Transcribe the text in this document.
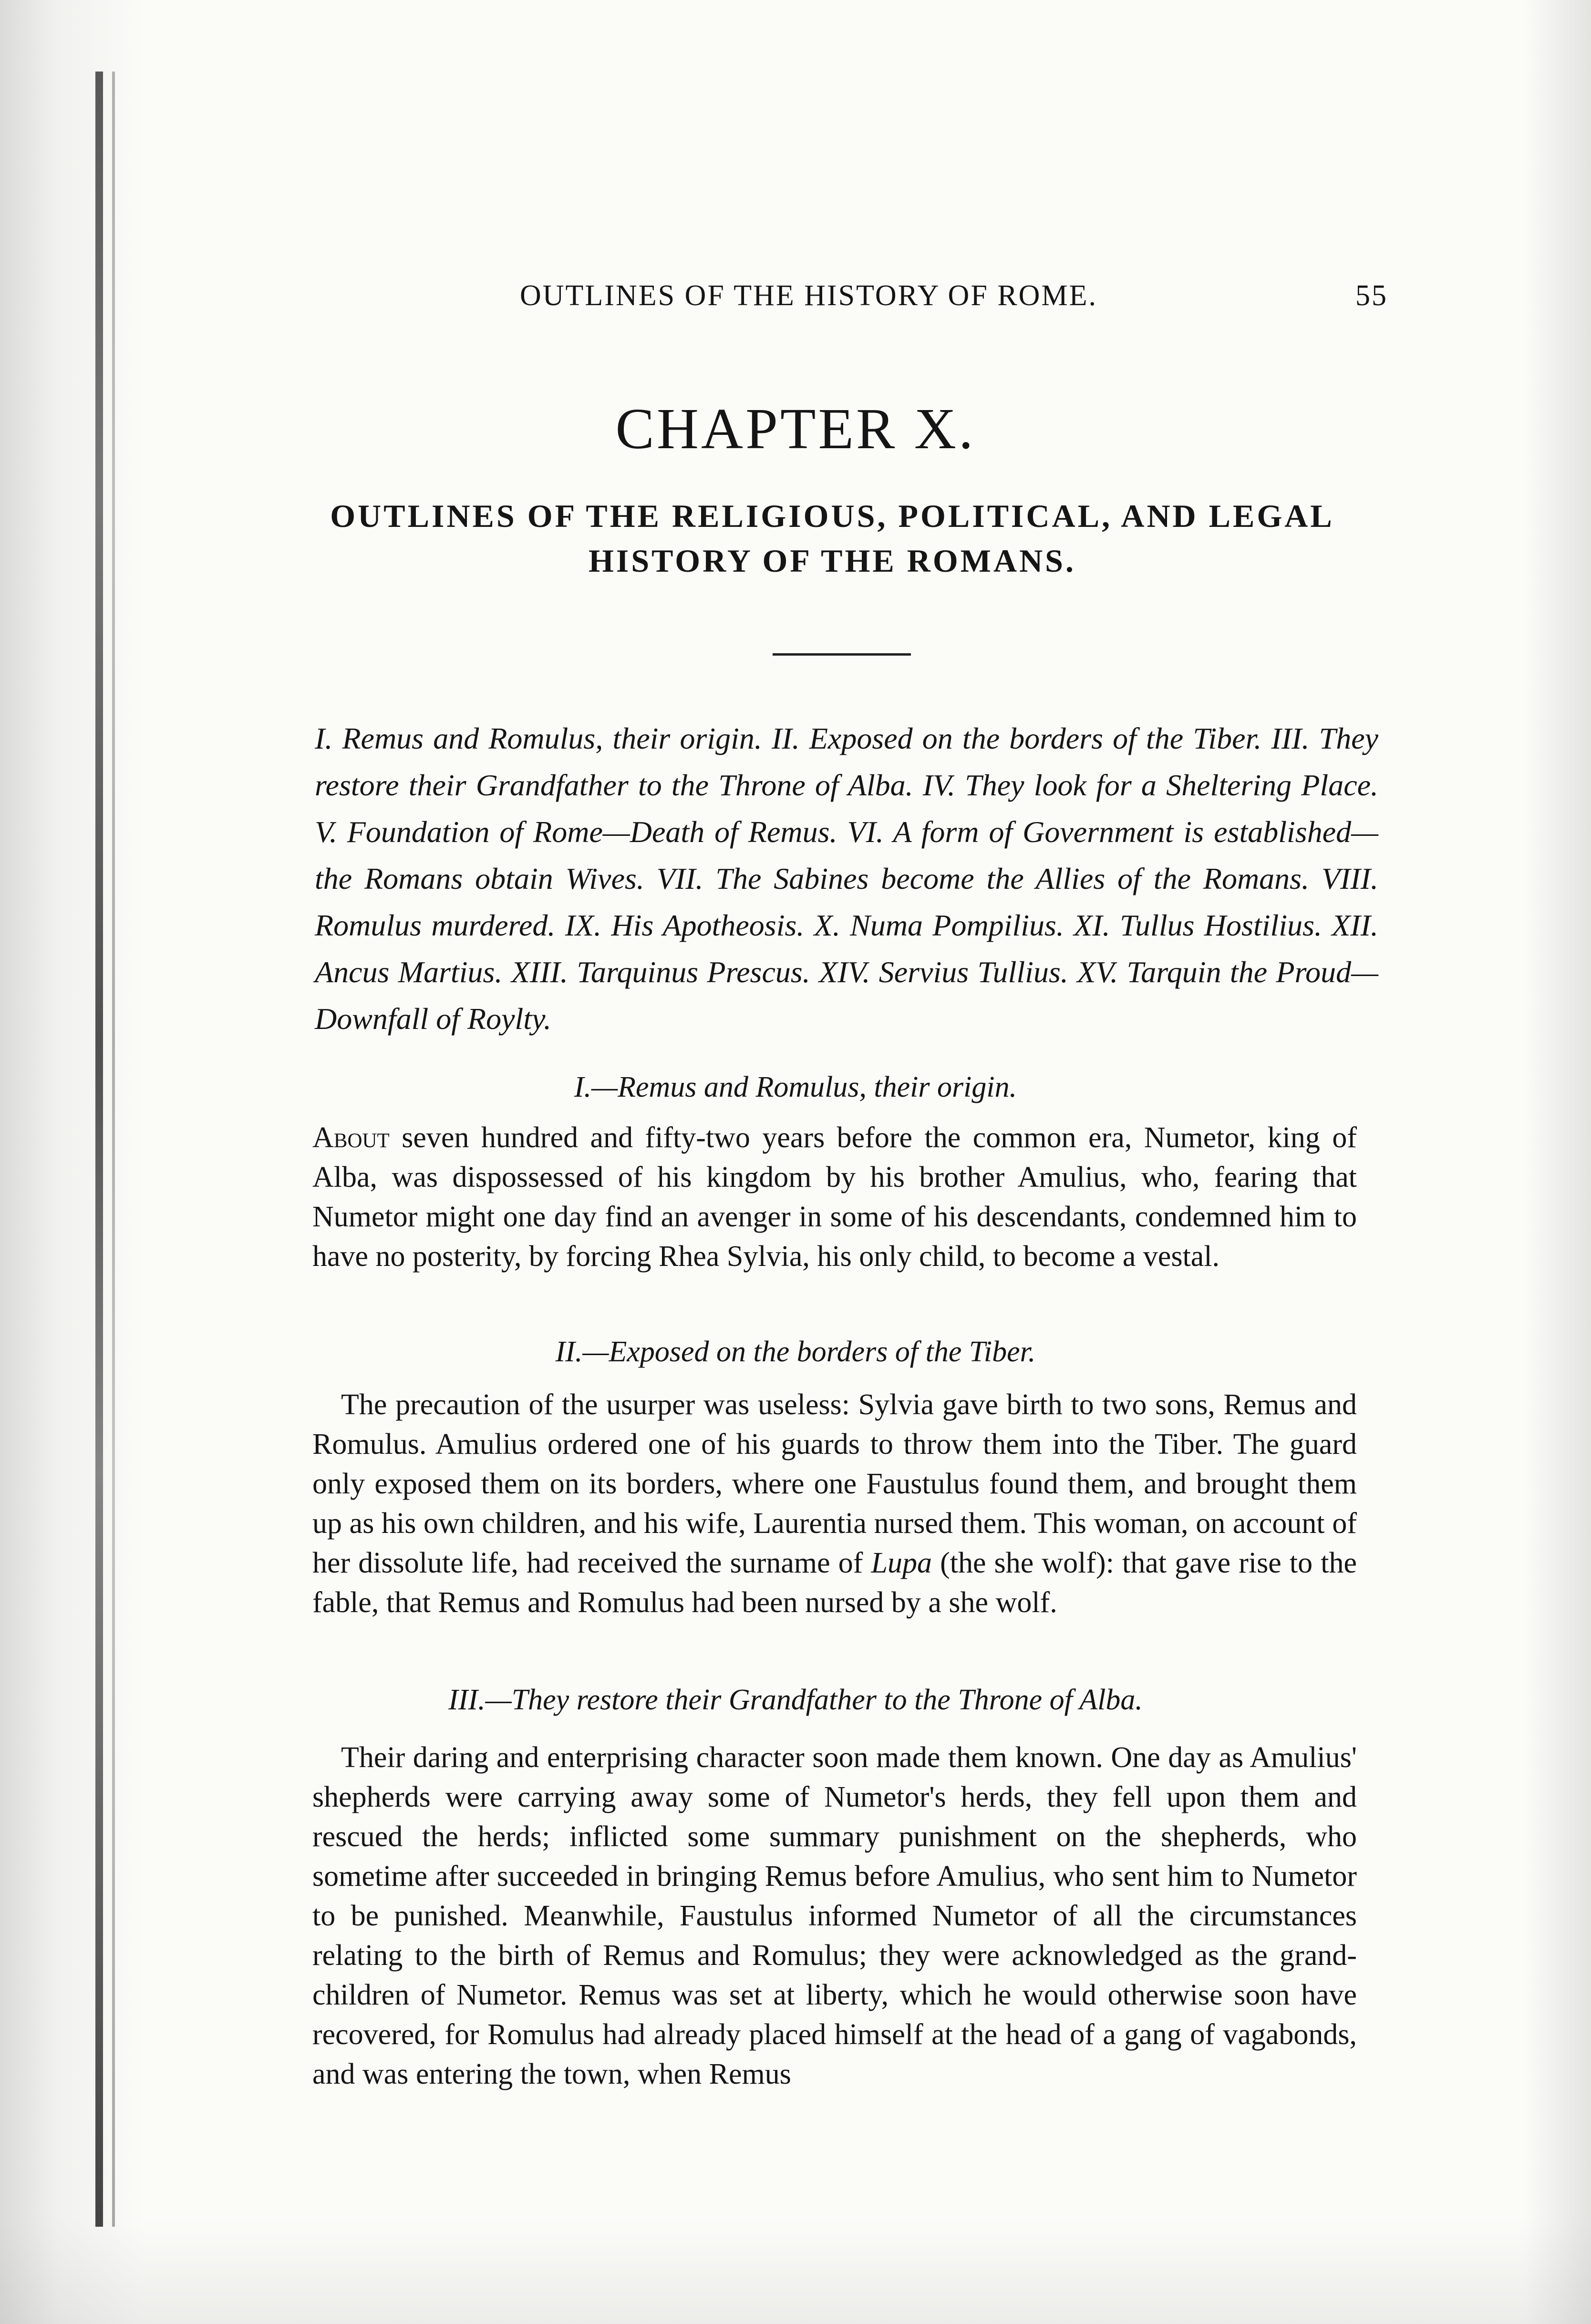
OUTLINES OF THE HISTORY OF ROME.	55
CHAPTER X.
OUTLINES OF THE RELIGIOUS, POLITICAL, AND LEGAL HISTORY OF THE ROMANS.

I. Remus and Romulus, their origin. II. Exposed on the borders of the Tiber. III. They restore their Grandfather to the Throne of Alba. IV. They look for a Sheltering Place. V. Foundation of Rome—Death of Remus. VI. A form of Government is established—the Romans obtain Wives. VII. The Sabines become the Allies of the Romans. VIII. Romulus murdered. IX. His Apotheosis. X. Numa Pompilius. XI. Tullus Hostilius. XII. Ancus Martius. XIII. Tarquinus Prescus. XIV. Servius Tullius. XV. Tarquin the Proud—Downfall of Roylty.

I.—Remus and Romulus, their origin.

About seven hundred and fifty-two years before the common era, Numetor, king of Alba, was dispossessed of his kingdom by his brother Amulius, who, fearing that Numetor might one day find an avenger in some of his descendants, condemned him to have no posterity, by forcing Rhea Sylvia, his only child, to become a vestal.

II.—Exposed on the borders of the Tiber.

The precaution of the usurper was useless: Sylvia gave birth to two sons, Remus and Romulus. Amulius ordered one of his guards to throw them into the Tiber. The guard only exposed them on its borders, where one Faustulus found them, and brought them up as his own children, and his wife, Laurentia nursed them. This woman, on account of her dissolute life, had received the surname of Lupa (the she wolf): that gave rise to the fable, that Remus and Romulus had been nursed by a she wolf.

III.—They restore their Grandfather to the Throne of Alba.

Their daring and enterprising character soon made them known. One day as Amulius' shepherds were carrying away some of Numetor's herds, they fell upon them and rescued the herds; inflicted some summary punishment on the shepherds, who sometime after succeeded in bringing Remus before Amulius, who sent him to Numetor to be punished. Meanwhile, Faustulus informed Numetor of all the circumstances relating to the birth of Remus and Romulus; they were acknowledged as the grand-children of Numetor. Remus was set at liberty, which he would otherwise soon have recovered, for Romulus had already placed himself at the head of a gang of vagabonds, and was entering the town, when Remus
